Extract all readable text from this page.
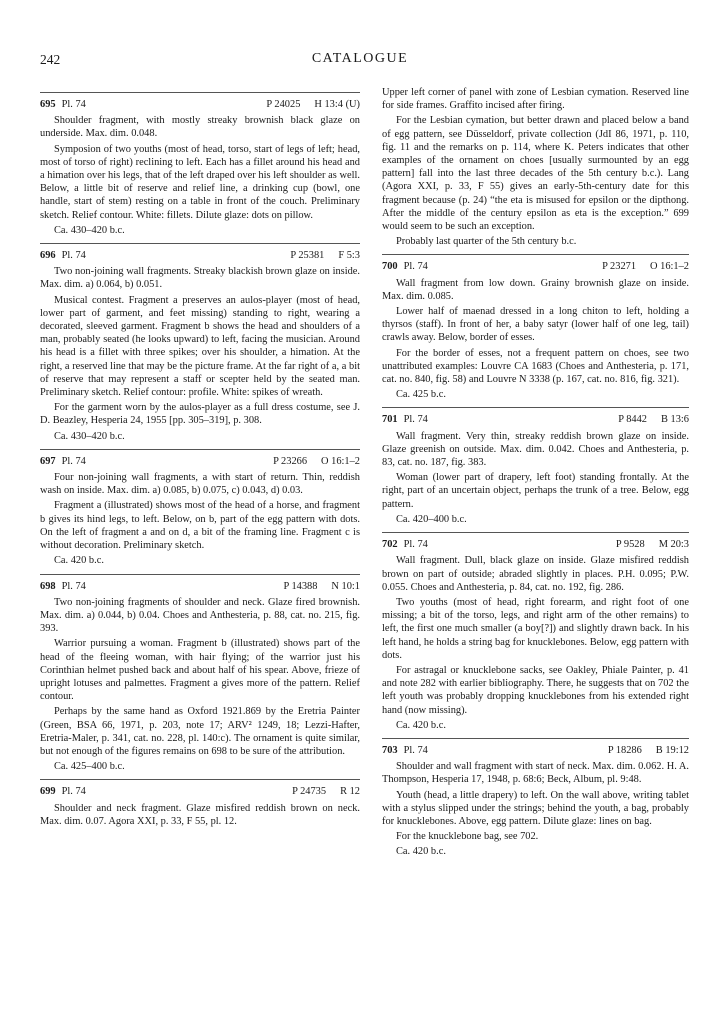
242	CATALOGUE
695 Pl. 74	P 24025 H 13:4 (U)

Shoulder fragment, with mostly streaky brownish black glaze on underside. Max. dim. 0.048.

Symposion of two youths (most of head, torso, start of legs of left; head, most of torso of right) reclining to left. Each has a fillet around his head and a himation over his legs, that of the left draped over his left shoulder as well. Below, a little bit of reserve and relief line, a drinking cup (bowl, one handle, start of stem) resting on a table in front of the couch. Preliminary sketch. Relief contour. White: fillets. Dilute glaze: dots on pillow.

Ca. 430–420 b.c.

696 Pl. 74	P 25381 F 5:3

Two non-joining wall fragments. Streaky blackish brown glaze on inside. Max. dim. a) 0.064, b) 0.051.

Musical contest. Fragment a preserves an aulos-player (most of head, lower part of garment, and feet missing) standing to right, wearing a decorated, sleeved garment. Fragment b shows the head and shoulders of a man, probably seated (he looks upward) to left, facing the musician. Around his head is a fillet with three spikes; over his shoulder, a himation. At the right, a reserved line that may be the picture frame. At the far right of a, a bit of reserve that may represent a staff or scepter held by the seated man. Preliminary sketch. Relief contour: profile. White: spikes of wreath.

For the garment worn by the aulos-player as a full dress costume, see J. D. Beazley, Hesperia 24, 1955 [pp. 305–319], p. 308.

Ca. 430–420 b.c.

697 Pl. 74	P 23266 O 16:1–2

Four non-joining wall fragments, a with start of return. Thin, reddish wash on inside. Max. dim. a) 0.085, b) 0.075, c) 0.043, d) 0.03.

Fragment a (illustrated) shows most of the head of a horse, and fragment b gives its hind legs, to left. Below, on b, part of the egg pattern with dots. On the left of fragment a and on d, a bit of the framing line. Fragment c is without decoration. Preliminary sketch.

Ca. 420 b.c.

698 Pl. 74	P 14388 N 10:1

Two non-joining fragments of shoulder and neck. Glaze fired brownish. Max. dim. a) 0.044, b) 0.04. Choes and Anthesteria, p. 88, cat. no. 215, fig. 393.

Warrior pursuing a woman. Fragment b (illustrated) shows part of the head of the fleeing woman, with hair flying; of the warrior just his Corinthian helmet pushed back and about half of his spear. Above, frieze of upright lotuses and palmettes. Fragment a gives more of the pattern. Relief contour.

Perhaps by the same hand as Oxford 1921.869 by the Eretria Painter (Green, BSA 66, 1971, p. 203, note 17; ARV² 1249, 18; Lezzi-Hafter, Eretria-Maler, p. 341, cat. no. 228, pl. 140:c). The ornament is quite similar, but not enough of the figures remains on 698 to be sure of the attribution.

Ca. 425–400 b.c.

699 Pl. 74	P 24735 R 12

Shoulder and neck fragment. Glaze misfired reddish brown on neck. Max. dim. 0.07. Agora XXI, p. 33, F 55, pl. 12.

Upper left corner of panel with zone of Lesbian cymation. Reserved line for side frames. Graffito incised after firing.

For the Lesbian cymation, but better drawn and placed below a band of egg pattern, see Düsseldorf, private collection (JdI 86, 1971, p. 110, fig. 11 and the remarks on p. 114, where K. Peters indicates that other examples of the ornament on choes [usually surmounted by an egg pattern] fall into the last three decades of the 5th century b.c.). Lang (Agora XXI, p. 33, F 55) gives an early-5th-century date for this fragment because (p. 24) “the eta is misused for epsilon or the dipthong. After the middle of the century epsilon as eta is the exception.” 699 would seem to be such an exception.

Probably last quarter of the 5th century b.c.

700 Pl. 74	P 23271 O 16:1–2

Wall fragment from low down. Grainy brownish glaze on inside. Max. dim. 0.085.

Lower half of maenad dressed in a long chiton to left, holding a thyrsos (staff). In front of her, a baby satyr (lower half of one leg, tail) crawls away. Below, border of esses.

For the border of esses, not a frequent pattern on choes, see two unattributed examples: Louvre CA 1683 (Choes and Anthesteria, p. 171, cat. no. 840, fig. 58) and Louvre N 3338 (p. 167, cat. no. 816, fig. 321).

Ca. 425 b.c.

701 Pl. 74	P 8442 B 13:6

Wall fragment. Very thin, streaky reddish brown glaze on inside. Glaze greenish on outside. Max. dim. 0.042. Choes and Anthesteria, p. 83, cat. no. 187, fig. 383.

Woman (lower part of drapery, left foot) standing frontally. At the right, part of an uncertain object, perhaps the trunk of a tree. Below, egg pattern.

Ca. 420–400 b.c.

702 Pl. 74	P 9528 M 20:3

Wall fragment. Dull, black glaze on inside. Glaze misfired reddish brown on part of outside; abraded slightly in places. P.H. 0.095; P.W. 0.055. Choes and Anthesteria, p. 84, cat. no. 192, fig. 286.

Two youths (most of head, right forearm, and right foot of one missing; a bit of the torso, legs, and right arm of the other remains) to left, the first one much smaller (a boy[?]) and slightly drawn back. In his left hand, he holds a string bag for knucklebones. Below, egg pattern with dots.

For astragal or knucklebone sacks, see Oakley, Phiale Painter, p. 41 and note 282 with earlier bibliography. There, he suggests that on 702 the left youth was probably dropping knucklebones from his extended right hand (now missing).

Ca. 420 b.c.

703 Pl. 74	P 18286 B 19:12

Shoulder and wall fragment with start of neck. Max. dim. 0.062. H. A. Thompson, Hesperia 17, 1948, p. 68:6; Beck, Album, pl. 9:48.

Youth (head, a little drapery) to left. On the wall above, writing tablet with a stylus slipped under the strings; behind the youth, a bag, probably for knucklebones. Above, egg pattern. Dilute glaze: lines on bag.

For the knucklebone bag, see 702.

Ca. 420 b.c.
